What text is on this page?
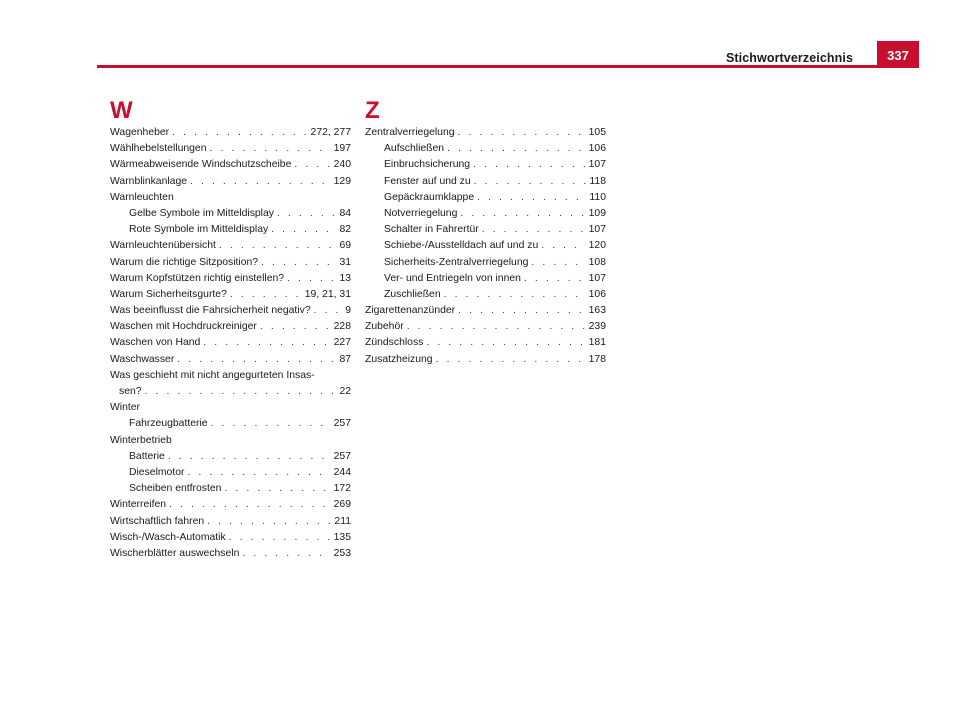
Stichwortverzeichnis	337
W
Wagenheber . . .	272, 277
Wählhebelstellungen . . .	197
Wärmeabweisende Windschutzscheibe . . .	240
Warnblinkanlage . . .	129
Warnleuchten
Gelbe Symbole im Mitteldisplay . . .	84
Rote Symbole im Mitteldisplay . . .	82
Warnleuchtenübersicht . . .	69
Warum die richtige Sitzposition? . . .	31
Warum Kopfstützen richtig einstellen? . . .	13
Warum Sicherheitsgurte? . . .	19, 21, 31
Was beeinflusst die Fahrsicherheit negativ? . . .	9
Waschen mit Hochdruckreiniger . . .	228
Waschen von Hand . . .	227
Waschwasser . . .	87
Was geschieht mit nicht angegurteten Insas-
sen? . . .	22
Winter
Fahrzeugbatterie . . .	257
Winterbetrieb
Batterie . . .	257
Dieselmotor . . .	244
Scheiben entfrosten . . .	172
Winterreifen . . .	269
Wirtschaftlich fahren . . .	211
Wisch-/Wasch-Automatik . . .	135
Wischerblätter auswechseln . . .	253
Z
Zentralverriegelung . . .	105
Aufschließen . . .	106
Einbruchsicherung . . .	107
Fenster auf und zu . . .	118
Gepäckraumklappe . . .	110
Notverriegelung . . .	109
Schalter in Fahrertür . . .	107
Schiebe-/Ausstelldach auf und zu . . .	120
Sicherheits-Zentralverriegelung . . .	108
Ver- und Entriegeln von innen . . .	107
Zuschließen . . .	106
Zigarettenanzünder . . .	163
Zubehör . . .	239
Zündschloss . . .	181
Zusatzheizung . . .	178
